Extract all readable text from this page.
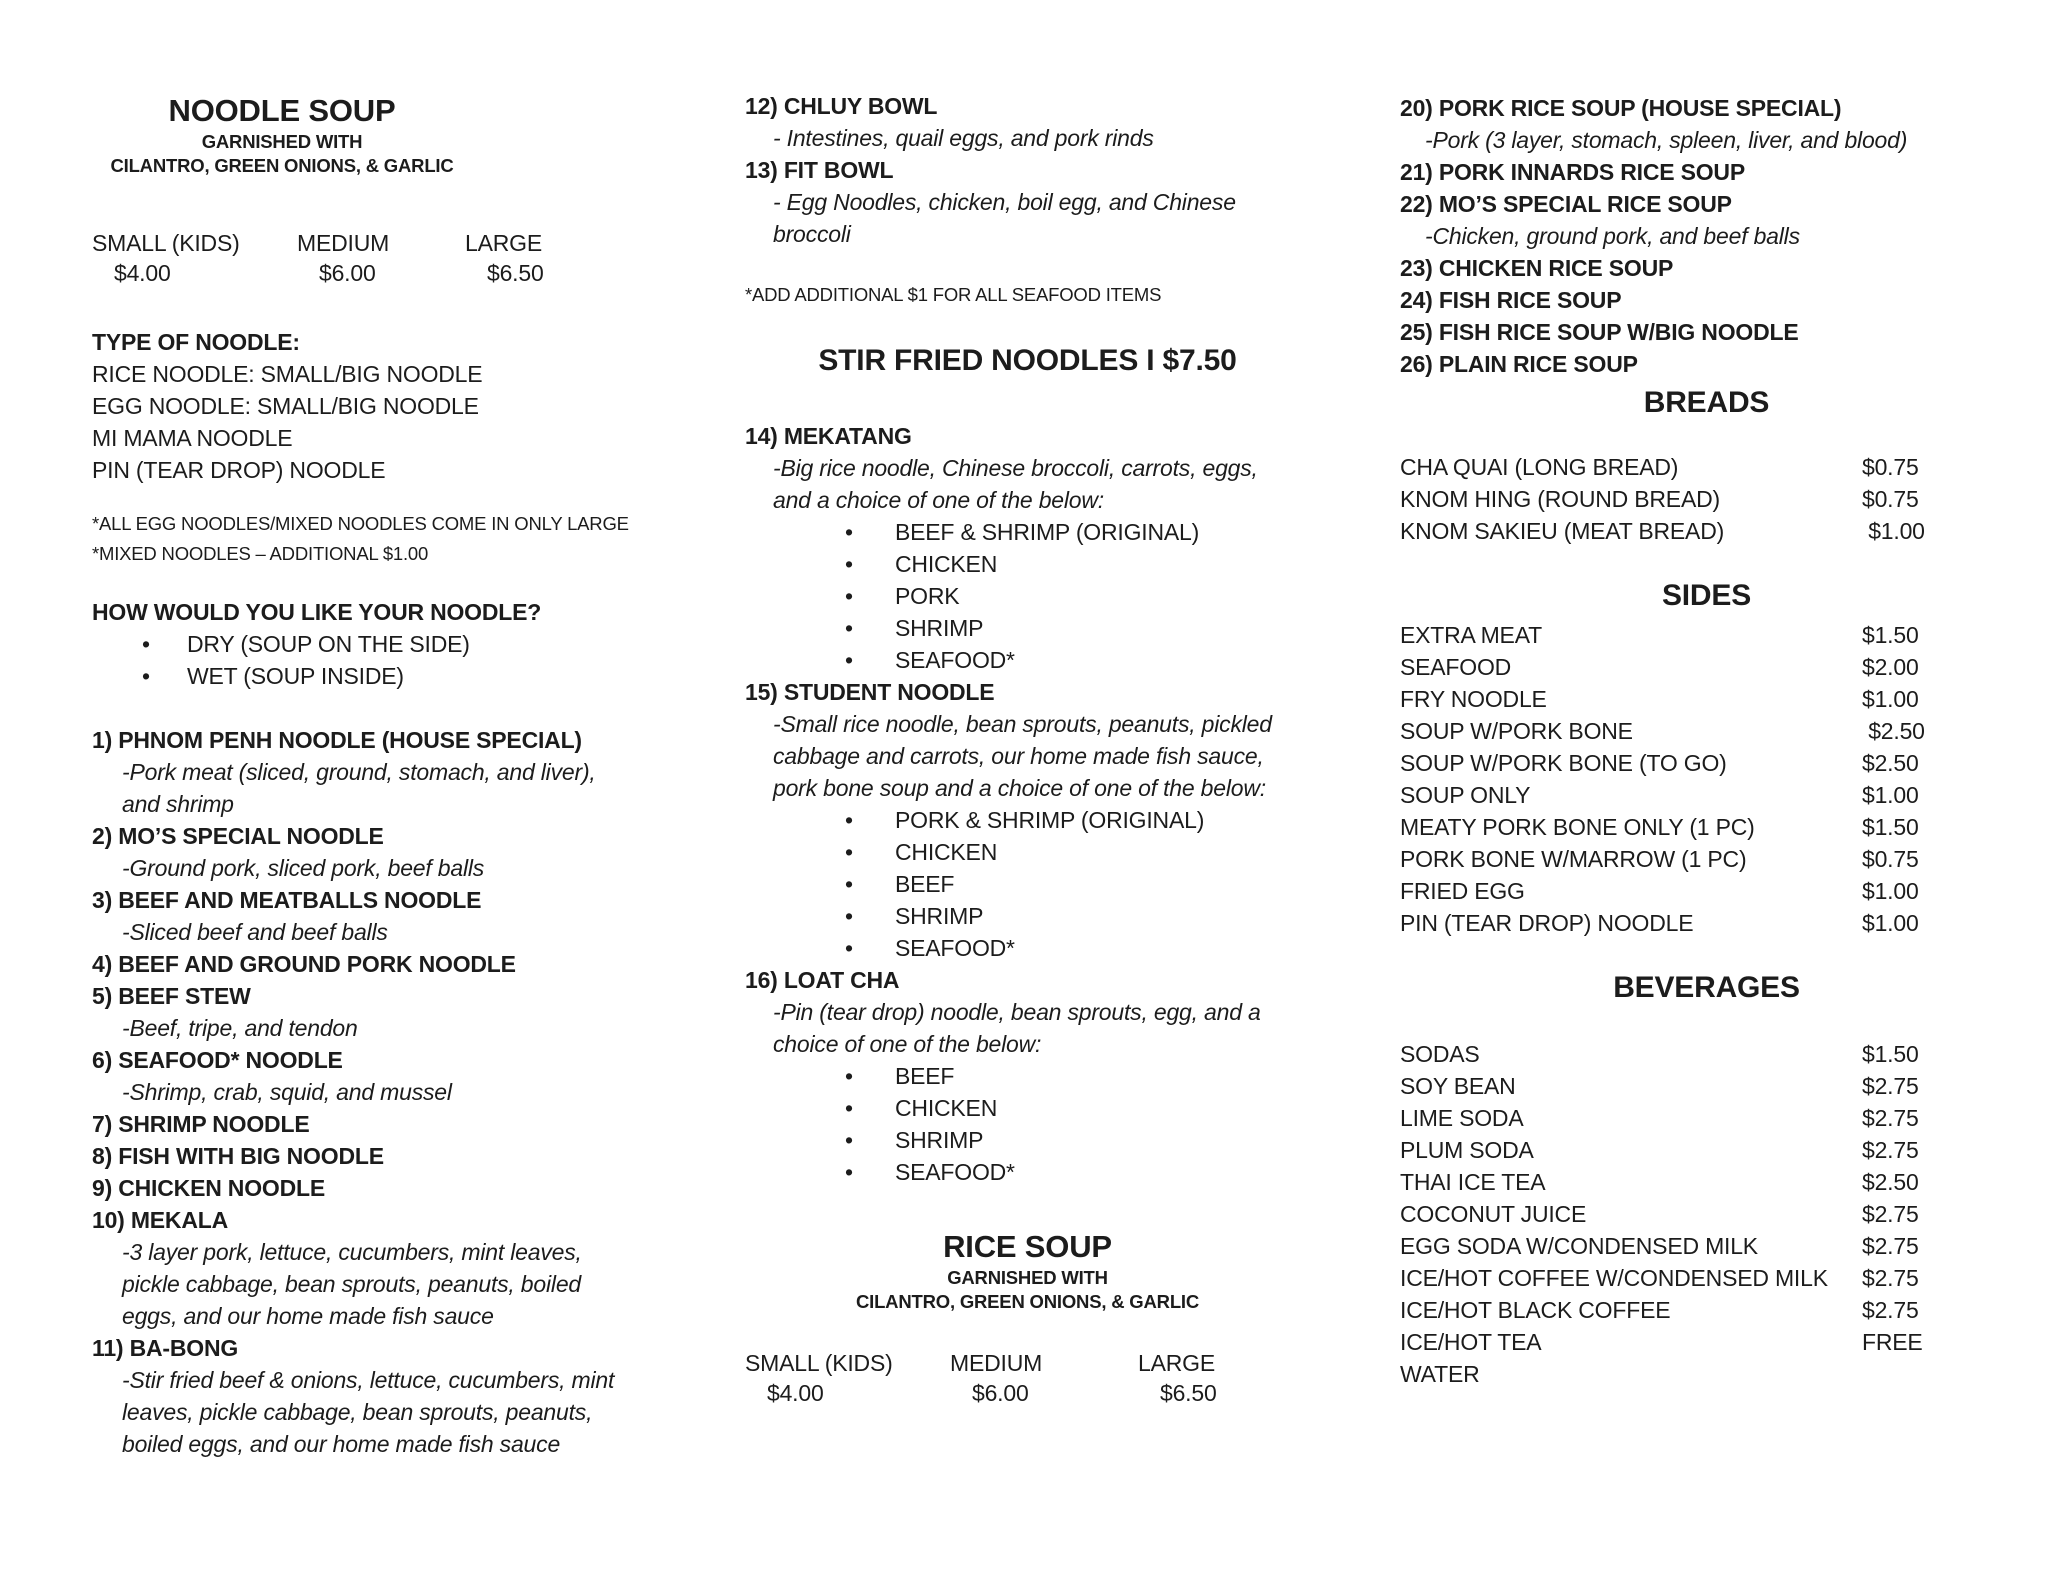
NOODLE SOUP
GARNISHED WITH
CILANTRO, GREEN ONIONS, & GARLIC
SMALL (KIDS)
$4.00
MEDIUM
$6.00
LARGE
$6.50
TYPE OF NOODLE:
RICE NOODLE: SMALL/BIG NOODLE
EGG NOODLE: SMALL/BIG NOODLE
MI MAMA NOODLE
PIN (TEAR DROP) NOODLE
*ALL EGG NOODLES/MIXED NOODLES COME IN ONLY LARGE
*MIXED NOODLES – ADDITIONAL $1.00
HOW WOULD YOU LIKE YOUR NOODLE?
•DRY (SOUP ON THE SIDE)
•WET (SOUP INSIDE)
1) PHNOM PENH NOODLE (HOUSE SPECIAL)
-Pork meat (sliced, ground, stomach, and liver),
and shrimp
2) MO’S SPECIAL NOODLE
-Ground pork, sliced pork, beef balls
3) BEEF AND MEATBALLS NOODLE
-Sliced beef and beef balls
4) BEEF AND GROUND PORK NOODLE
5) BEEF STEW
-Beef, tripe, and tendon
6) SEAFOOD* NOODLE
-Shrimp, crab, squid, and mussel
7) SHRIMP NOODLE
8) FISH WITH BIG NOODLE
9) CHICKEN NOODLE
10) MEKALA
-3 layer pork, lettuce, cucumbers, mint leaves,
pickle cabbage, bean sprouts, peanuts, boiled
eggs, and our home made fish sauce
11) BA-BONG
-Stir fried beef & onions, lettuce, cucumbers, mint
leaves, pickle cabbage, bean sprouts, peanuts,
boiled eggs, and our home made fish sauce
12) CHLUY BOWL
- Intestines, quail eggs, and pork rinds
13) FIT BOWL
- Egg Noodles, chicken, boil egg, and Chinese
broccoli
*ADD ADDITIONAL $1 FOR ALL SEAFOOD ITEMS
STIR FRIED NOODLES I $7.50
14) MEKATANG
-Big rice noodle, Chinese broccoli, carrots, eggs,
and a choice of one of the below:
•BEEF & SHRIMP (ORIGINAL)
•CHICKEN
•PORK
•SHRIMP
•SEAFOOD*
15) STUDENT NOODLE
-Small rice noodle, bean sprouts, peanuts, pickled
cabbage and carrots, our home made fish sauce,
pork bone soup and a choice of one of the below:
•PORK & SHRIMP (ORIGINAL)
•CHICKEN
•BEEF
•SHRIMP
•SEAFOOD*
16) LOAT CHA
-Pin (tear drop) noodle, bean sprouts, egg, and a
choice of one of the below:
•BEEF
•CHICKEN
•SHRIMP
•SEAFOOD*
RICE SOUP
GARNISHED WITH
CILANTRO, GREEN ONIONS, & GARLIC
SMALL (KIDS)
$4.00
MEDIUM
$6.00
LARGE
$6.50
20) PORK RICE SOUP (HOUSE SPECIAL)
-Pork (3 layer, stomach, spleen, liver, and blood)
21) PORK INNARDS RICE SOUP
22) MO’S SPECIAL RICE SOUP
-Chicken, ground pork, and beef balls
23) CHICKEN RICE SOUP
24) FISH RICE SOUP
25) FISH RICE SOUP W/BIG NOODLE
26) PLAIN RICE SOUP
BREADS
CHA QUAI (LONG BREAD)	$0.75
KNOM HING (ROUND BREAD)	$0.75
KNOM SAKIEU (MEAT BREAD)	$1.00
SIDES
EXTRA MEAT	$1.50
SEAFOOD	$2.00
FRY NOODLE	$1.00
SOUP W/PORK BONE	$2.50
SOUP W/PORK BONE (TO GO)	$2.50
SOUP ONLY	$1.00
MEATY PORK BONE ONLY (1 PC)	$1.50
PORK BONE W/MARROW (1 PC)	$0.75
FRIED EGG	$1.00
PIN (TEAR DROP) NOODLE	$1.00
BEVERAGES
SODAS	$1.50
SOY BEAN	$2.75
LIME SODA	$2.75
PLUM SODA	$2.75
THAI ICE TEA	$2.50
COCONUT JUICE	$2.75
EGG SODA W/CONDENSED MILK	$2.75
ICE/HOT COFFEE W/CONDENSED MILK $2.75
ICE/HOT BLACK COFFEE	$2.75
ICE/HOT TEA	FREE
WATER
